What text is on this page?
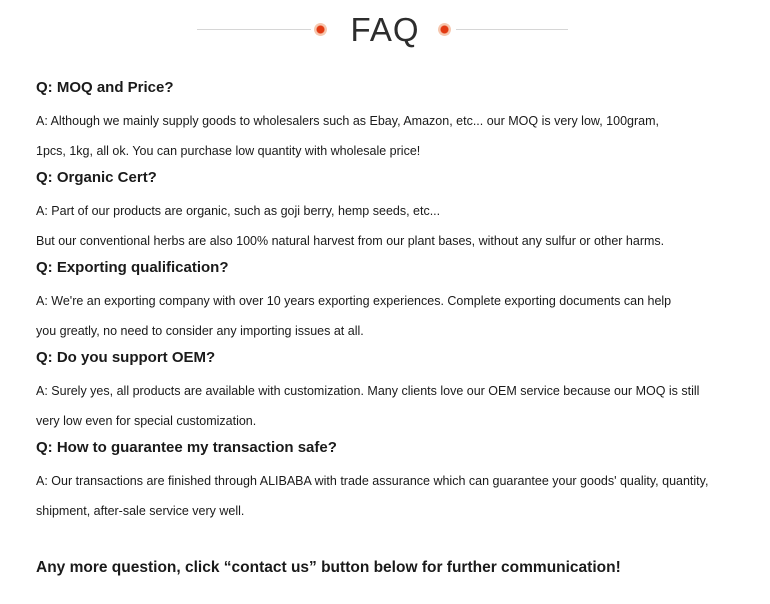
FAQ

Q: MOQ and Price?

A: Although we mainly supply goods to wholesalers such as Ebay, Amazon, etc... our MOQ is very low, 100gram,
1pcs, 1kg, all ok. You can purchase low quantity with wholesale price!

Q: Organic Cert?

A: Part of our products are organic, such as goji berry, hemp seeds, etc...
But our conventional herbs are also 100% natural harvest from our plant bases, without any sulfur or other harms.

Q: Exporting qualification?

A: We're an exporting company with over 10 years exporting experiences. Complete exporting documents can help
you greatly, no need to consider any importing issues at all.

Q: Do you support OEM?

A: Surely yes, all products are available with customization. Many clients love our OEM service because our MOQ is still
very low even for special customization.

Q: How to guarantee my transaction safe?

A: Our transactions are finished through ALIBABA with trade assurance which can guarantee your goods' quality, quantity,
shipment, after-sale service very well.

Any more question, click “contact us” button below for further communication!
